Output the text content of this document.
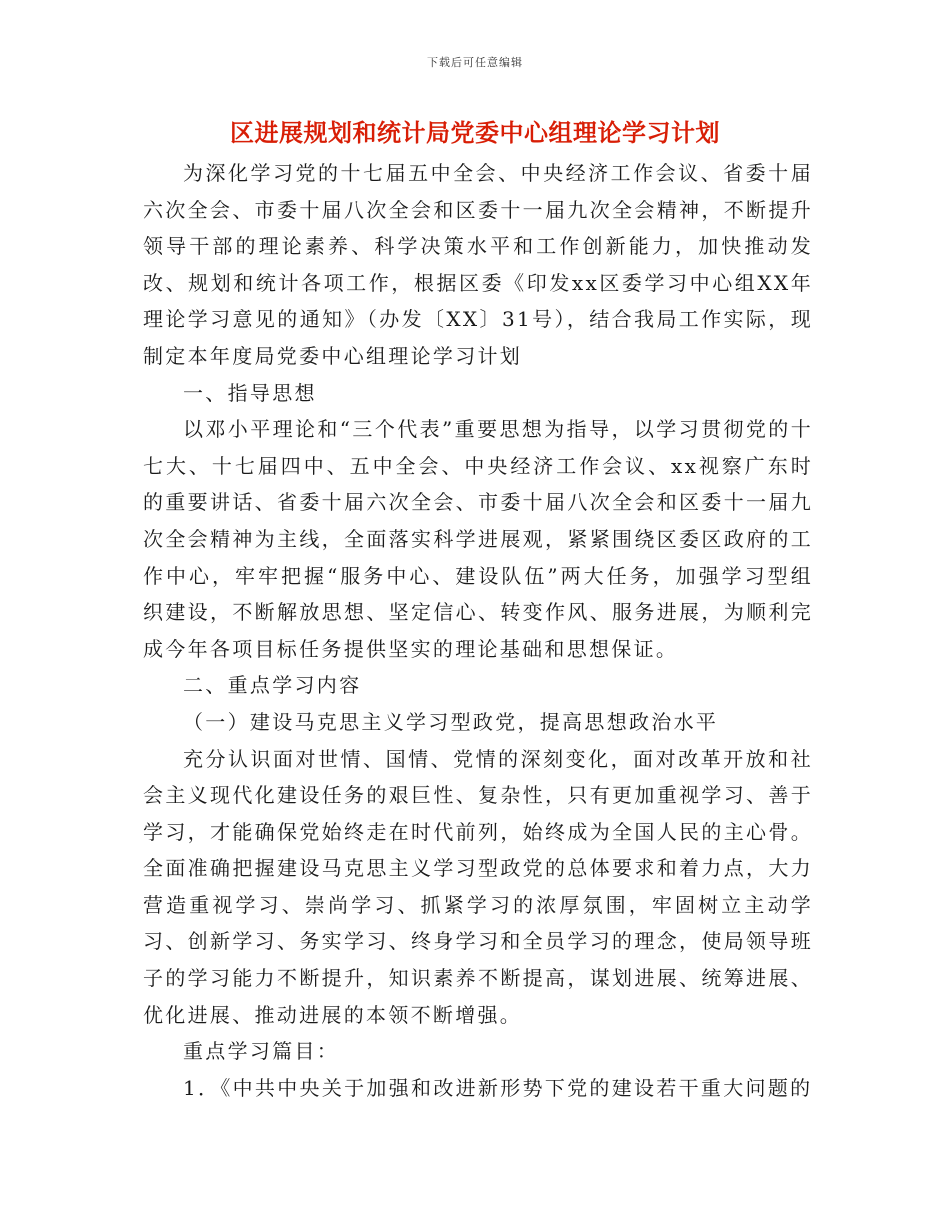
下载后可任意编辑
区进展规划和统计局党委中心组理论学习计划

为深化学习党的十七届五中全会、中央经济工作会议、省委十届六次全会、市委十届八次全会和区委十一届九次全会精神，不断提升领导干部的理论素养、科学决策水平和工作创新能力，加快推动发改、规划和统计各项工作，根据区委《印发xx区委学习中心组XX年理论学习意见的通知》（办发〔XX〕31号），结合我局工作实际，现制定本年度局党委中心组理论学习计划

一、指导思想

以邓小平理论和“三个代表”重要思想为指导，以学习贯彻党的十七大、十七届四中、五中全会、中央经济工作会议、xx视察广东时的重要讲话、省委十届六次全会、市委十届八次全会和区委十一届九次全会精神为主线，全面落实科学进展观，紧紧围绕区委区政府的工作中心，牢牢把握“服务中心、建设队伍”两大任务，加强学习型组织建设，不断解放思想、坚定信心、转变作风、服务进展，为顺利完成今年各项目标任务提供坚实的理论基础和思想保证。

二、重点学习内容

（一）建设马克思主义学习型政党，提高思想政治水平

充分认识面对世情、国情、党情的深刻变化，面对改革开放和社会主义现代化建设任务的艰巨性、复杂性，只有更加重视学习、善于学习，才能确保党始终走在时代前列，始终成为全国人民的主心骨。全面准确把握建设马克思主义学习型政党的总体要求和着力点，大力营造重视学习、崇尚学习、抓紧学习的浓厚氛围，牢固树立主动学习、创新学习、务实学习、终身学习和全员学习的理念，使局领导班子的学习能力不断提升，知识素养不断提高，谋划进展、统筹进展、优化进展、推动进展的本领不断增强。

重点学习篇目：

1．《中共中央关于加强和改进新形势下党的建设若干重大问题的
